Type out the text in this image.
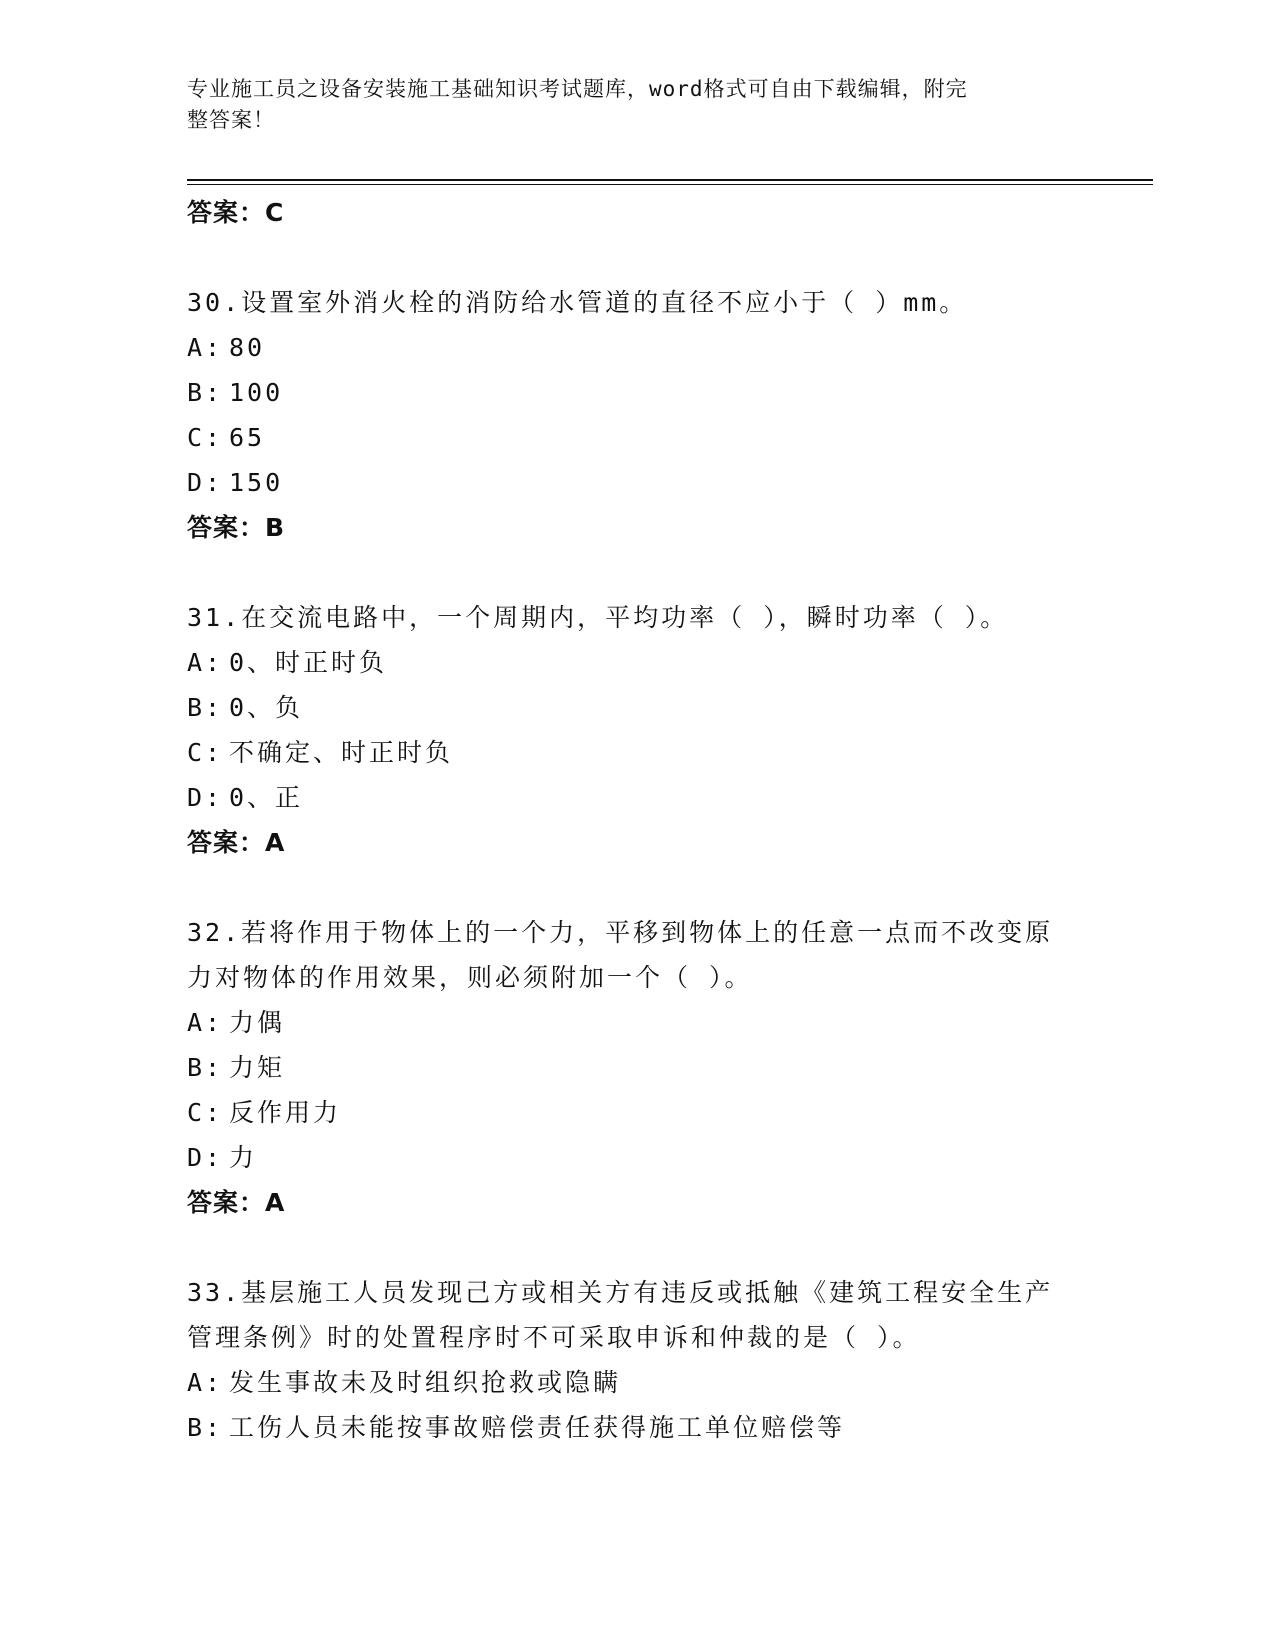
专业施工员之设备安装施工基础知识考试题库，word格式可自由下载编辑，附完
整答案！
答案：C
30.设置室外消火栓的消防给水管道的直径不应小于（ ）mm。
A: 80
B: 100
C: 65
D: 150
答案：B
31.在交流电路中，一个周期内，平均功率（ ），瞬时功率（ ）。
A: 0、时正时负
B: 0、负
C: 不确定、时正时负
D: 0、正
答案：A
32.若将作用于物体上的一个力，平移到物体上的任意一点而不改变原
力对物体的作用效果，则必须附加一个（ ）。
A: 力偶
B: 力矩
C: 反作用力
D: 力
答案：A
33.基层施工人员发现己方或相关方有违反或抵触《建筑工程安全生产
管理条例》时的处置程序时不可采取申诉和仲裁的是（ ）。
A: 发生事故未及时组织抢救或隐瞒
B: 工伤人员未能按事故赔偿责任获得施工单位赔偿等
